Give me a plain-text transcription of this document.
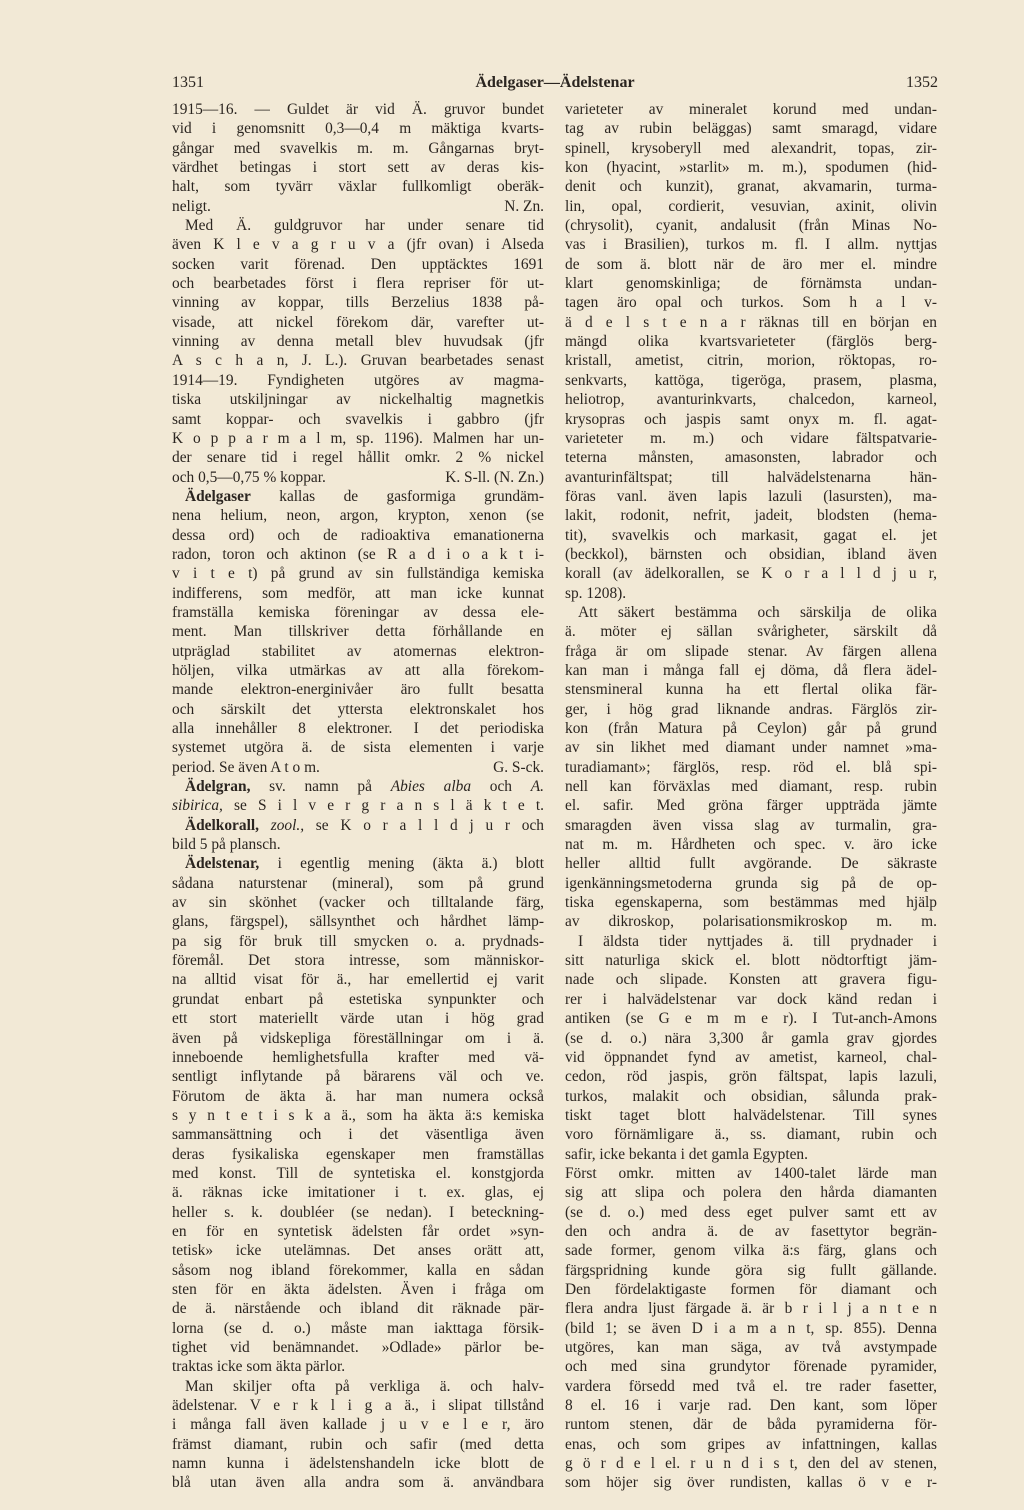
1351	Ädelgaser—Ädelstenar	1352
1915—16. — Guldet är vid Ä. gruvor bundet
vid i genomsnitt 0,3—0,4 m mäktiga kvarts-
gångar med svavelkis m. m. Gångarnas bryt-
värdhet betingas i stort sett av deras kis-
halt, som tyvärr växlar fullkomligt oberäk-
neligt.	N. Zn.
Med Ä. guldgruvor har under senare tid
även K l e v a g r u v a (jfr ovan) i Alseda
socken varit förenad. Den upptäcktes 1691
och bearbetades först i flera repriser för ut-
vinning av koppar, tills Berzelius 1838 på-
visade, att nickel förekom där, varefter ut-
vinning av denna metall blev huvudsak (jfr
A s c h a n, J. L.). Gruvan bearbetades senast
1914—19. Fyndigheten utgöres av magma-
tiska utskiljningar av nickelhaltig magnetkis
samt koppar- och svavelkis i gabbro (jfr
K o p p a r m a l m, sp. 1196). Malmen har un-
der senare tid i regel hållit omkr. 2 % nickel
och 0,5—0,75 % koppar.	K. S-ll. (N. Zn.)
Ädelgaser kallas de gasformiga grundäm-
nena helium, neon, argon, krypton, xenon (se
dessa ord) och de radioaktiva emanationerna
radon, toron och aktinon (se R a d i o a k t i-
v i t e t) på grund av sin fullständiga kemiska
indifferens, som medför, att man icke kunnat
framställa kemiska föreningar av dessa ele-
ment. Man tillskriver detta förhållande en
utpräglad stabilitet av atomernas elektron-
höljen, vilka utmärkas av att alla förekom-
mande elektron-energinivåer äro fullt besatta
och särskilt det yttersta elektronskalet hos
alla innehåller 8 elektroner. I det periodiska
systemet utgöra ä. de sista elementen i varje
period. Se även A t o m.	G. S-ck.
Ädelgran, sv. namn på Abies alba och A.
sibirica, se S i l v e r g r a n s l ä k t e t.
Ädelkorall, zool., se K o r a l l d j u r och
bild 5 på plansch.
Ädelstenar, i egentlig mening (äkta ä.) blott
sådana naturstenar (mineral), som på grund
av sin skönhet (vacker och tilltalande färg,
glans, färgspel), sällsynthet och hårdhet lämp-
pa sig för bruk till smycken o. a. prydnads-
föremål. Det stora intresse, som människor-
na alltid visat för ä., har emellertid ej varit
grundat enbart på estetiska synpunkter och
ett stort materiellt värde utan i hög grad
även på vidskepliga föreställningar om i ä.
inneboende hemlighetsfulla krafter med vä-
sentligt inflytande på bärarens väl och ve.
Förutom de äkta ä. har man numera också
s y n t e t i s k a ä., som ha äkta ä:s kemiska
sammansättning och i det väsentliga även
deras fysikaliska egenskaper men framställas
med konst. Till de syntetiska el. konstgjorda
ä. räknas icke imitationer i t. ex. glas, ej
heller s. k. doubléer (se nedan). I beteckning-
en för en syntetisk ädelsten får ordet »syn-
tetisk» icke utelämnas. Det anses orätt att,
såsom nog ibland förekommer, kalla en sådan
sten för en äkta ädelsten. Även i fråga om
de ä. närstående och ibland dit räknade pär-
lorna (se d. o.) måste man iakttaga försik-
tighet vid benämnandet. »Odlade» pärlor be-
traktas icke som äkta pärlor.
Man skiljer ofta på verkliga ä. och halv-
ädelstenar. V e r k l i g a ä., i slipat tillstånd
i många fall även kallade j u v e l e r, äro
främst diamant, rubin och safir (med detta
namn kunna i ädelstenshandeln icke blott de
blå utan även alla andra som ä. användbara
varieteter av mineralet korund med undan-
tag av rubin beläggas) samt smaragd, vidare
spinell, krysoberyll med alexandrit, topas, zir-
kon (hyacint, »starlit» m. m.), spodumen (hid-
denit och kunzit), granat, akvamarin, turma-
lin, opal, cordierit, vesuvian, axinit, olivin
(chrysolit), cyanit, andalusit (från Minas No-
vas i Brasilien), turkos m. fl. I allm. nyttjas
de som ä. blott när de äro mer el. mindre
klart genomskinliga; de förnämsta undan-
tagen äro opal och turkos. Som h a l v-
ä d e l s t e n a r räknas till en början en
mängd olika kvartsvarieteter (färglös berg-
kristall, ametist, citrin, morion, röktopas, ro-
senkvarts, kattöga, tigeröga, prasem, plasma,
heliotrop, avanturinkvarts, chalcedon, karneol,
krysopras och jaspis samt onyx m. fl. agat-
varieteter m. m.) och vidare fältspatvarie-
teterna månsten, amasonsten, labrador och
avanturinfältspat; till halvädelstenarna hän-
föras vanl. även lapis lazuli (lasursten), ma-
lakit, rodonit, nefrit, jadeit, blodsten (hema-
tit), svavelkis och markasit, gagat el. jet
(beckkol), bärnsten och obsidian, ibland även
korall (av ädelkorallen, se K o r a l l d j u r,
sp. 1208).
Att säkert bestämma och särskilja de olika
ä. möter ej sällan svårigheter, särskilt då
fråga är om slipade stenar. Av färgen allena
kan man i många fall ej döma, då flera ädel-
stensmineral kunna ha ett flertal olika fär-
ger, i hög grad liknande andras. Färglös zir-
kon (från Matura på Ceylon) går på grund
av sin likhet med diamant under namnet »ma-
turadiamant»; färglös, resp. röd el. blå spi-
nell kan förväxlas med diamant, resp. rubin
el. safir. Med gröna färger uppträda jämte
smaragden även vissa slag av turmalin, gra-
nat m. m. Hårdheten och spec. v. äro icke
heller alltid fullt avgörande. De säkraste
igenkänningsmetoderna grunda sig på de op-
tiska egenskaperna, som bestämmas med hjälp
av dikroskop, polarisationsmikroskop m. m.
I äldsta tider nyttjades ä. till prydnader i
sitt naturliga skick el. blott nödtorftigt jäm-
nade och slipade. Konsten att gravera figu-
rer i halvädelstenar var dock känd redan i
antiken (se G e m m e r). I Tut-anch-Amons
(se d. o.) nära 3,300 år gamla grav gjordes
vid öppnandet fynd av ametist, karneol, chal-
cedon, röd jaspis, grön fältspat, lapis lazuli,
turkos, malakit och obsidian, sålunda prak-
tiskt taget blott halvädelstenar. Till synes
voro förnämligare ä., ss. diamant, rubin och
safir, icke bekanta i det gamla Egypten.
Först omkr. mitten av 1400-talet lärde man
sig att slipa och polera den hårda diamanten
(se d. o.) med dess eget pulver samt ett av
den och andra ä. de av fasettytor begrän-
sade former, genom vilka ä:s färg, glans och
färgspridning kunde göra sig fullt gällande.
Den fördelaktigaste formen för diamant och
flera andra ljust färgade ä. är b r i l j a n t e n
(bild 1; se även D i a m a n t, sp. 855). Denna
utgöres, kan man säga, av två avstympade
och med sina grundytor förenade pyramider,
vardera försedd med två el. tre rader fasetter,
8 el. 16 i varje rad. Den kant, som löper
runtom stenen, där de båda pyramiderna för-
enas, och som gripes av infattningen, kallas
g ö r d e l el. r u n d i s t, den del av stenen,
som höjer sig över rundisten, kallas ö v e r-
